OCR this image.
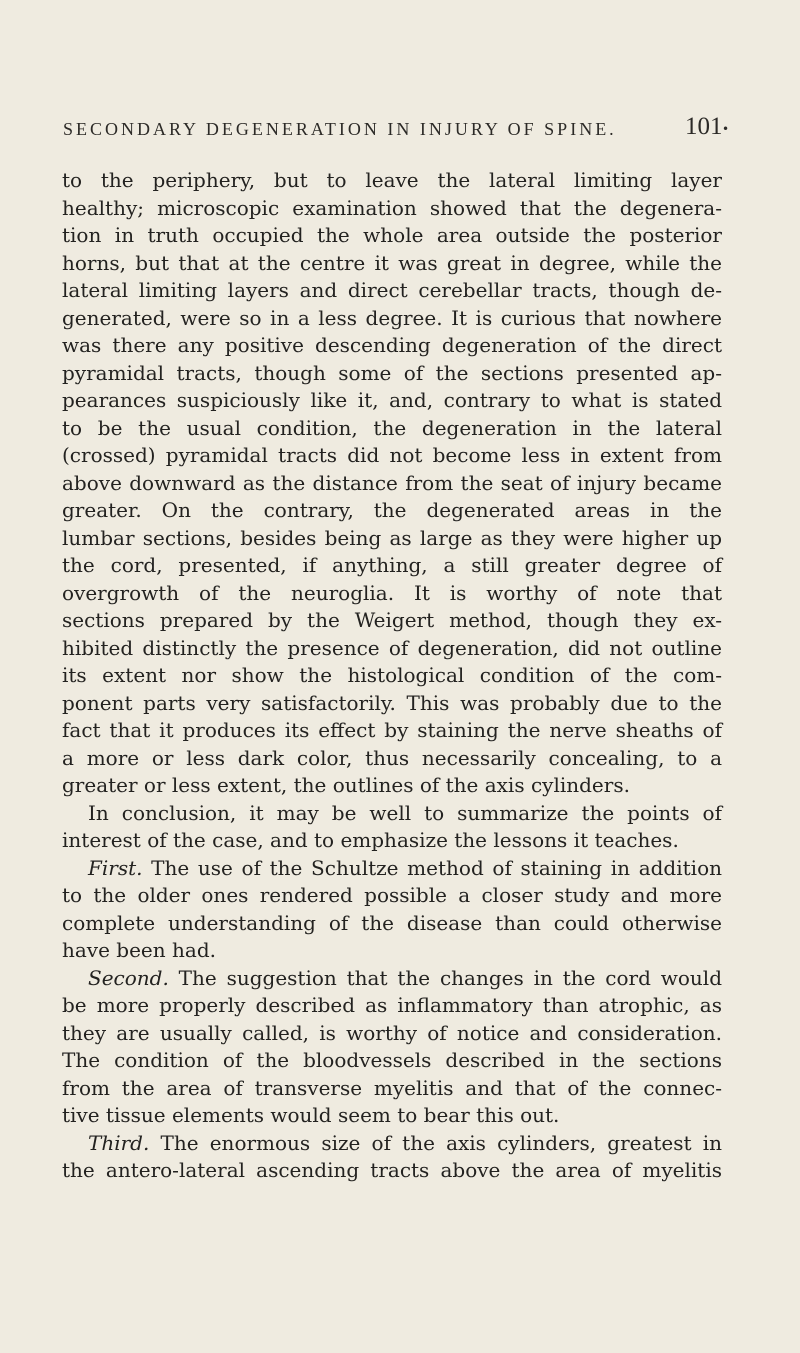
SECONDARY DEGENERATION IN INJURY OF SPINE.	101 •
to the periphery, but to leave the lateral limiting layer
healthy; microscopic examination showed that the degenera-
tion in truth occupied the whole area outside the posterior
horns, but that at the centre it was great in degree, while the
lateral limiting layers and direct cerebellar tracts, though de-
generated, were so in a less degree. It is curious that nowhere
was there any positive descending degeneration of the direct
pyramidal tracts, though some of the sections presented ap-
pearances suspiciously like it, and, contrary to what is stated
to be the usual condition, the degeneration in the lateral
(crossed) pyramidal tracts did not become less in extent from
above downward as the distance from the seat of injury became
greater. On the contrary, the degenerated areas in the
lumbar sections, besides being as large as they were higher up
the cord, presented, if anything, a still greater degree of
overgrowth of the neuroglia. It is worthy of note that
sections prepared by the Weigert method, though they ex-
hibited distinctly the presence of degeneration, did not outline
its extent nor show the histological condition of the com-
ponent parts very satisfactorily. This was probably due to the
fact that it produces its effect by staining the nerve sheaths of
a more or less dark color, thus necessarily concealing, to a
greater or less extent, the outlines of the axis cylinders.
In conclusion, it may be well to summarize the points of
interest of the case, and to emphasize the lessons it teaches.
First. The use of the Schultze method of staining in addition
to the older ones rendered possible a closer study and more
complete understanding of the disease than could otherwise
have been had.
Second. The suggestion that the changes in the cord would
be more properly described as inflammatory than atrophic, as
they are usually called, is worthy of notice and consideration.
The condition of the bloodvessels described in the sections
from the area of transverse myelitis and that of the connec-
tive tissue elements would seem to bear this out.
Third. The enormous size of the axis cylinders, greatest in
the antero-lateral ascending tracts above the area of myelitis
